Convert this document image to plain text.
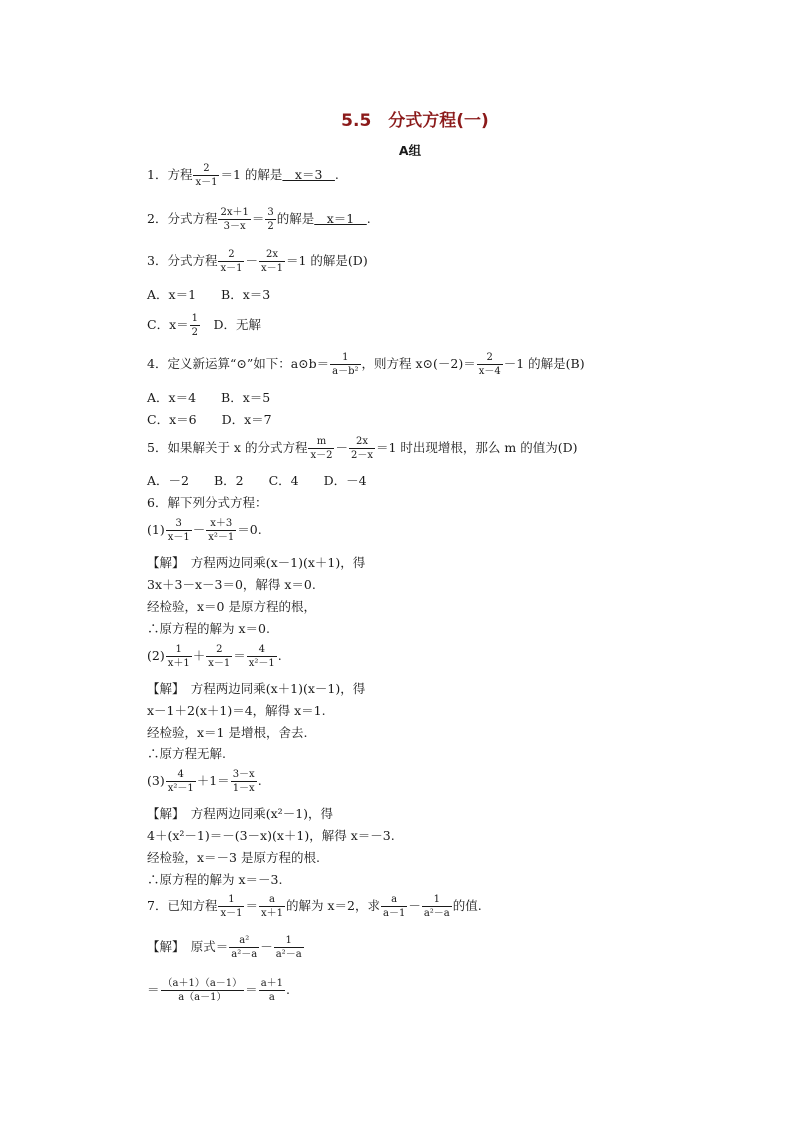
5.5　分式方程(一)
A组
1．方程 $\frac{2}{x-1} =1$ 的解是　x＝3　.
2．分式方程 $\frac{2x+1}{3-x} = \frac{3}{2}$ 的解是　x＝1　.
3．分式方程 $\frac{2}{x-1} - \frac{2x}{x-1} =1$ 的解是(D)
A．x＝1　　B．x＝3
C．$x= \frac{1}{2}$ 　D．无解
4．定义新运算“⊙”如下：a⊙b＝ $\frac{1}{\text{a－b²}}$ ，则方程 x⊙(－2)＝ $\frac{2}{x-4} -1$ 的解是(B)
A．x＝4　　B．x＝5
C．x＝6　　D．x＝7
5．如果解关于 x 的分式方程 $\frac{m}{x-2} - \frac{2x}{2-x} =1$ 时出现增根，那么 m 的值为(D)
A．－2　　B．2　　C．4　　D．－4
6．解下列分式方程：
$(1) \frac{3}{x-1} - \frac{x+3}{\text{x²－1}} =0$.
【解】　方程两边同乘(x－1)(x＋1)，得
3x＋3－x－3＝0，解得 x＝0.
经检验，x＝0 是原方程的根，
∴原方程的解为 x＝0.
$(2) \frac{1}{x+1} + \frac{2}{x-1} = \frac{4}{\text{x²－1}}$ .
【解】　方程两边同乘(x＋1)(x－1)，得
x－1＋2(x＋1)＝4，解得 x＝1.
经检验，x＝1 是增根，舍去.
∴原方程无解.
$(3) \frac{4}{\text{x²－1}} +1= \frac{3-x}{1-x}$ .
【解】　方程两边同乘(x²－1)，得
4＋(x²－1)＝－(3－x)(x＋1)，解得 x＝－3.
经检验，x＝－3 是原方程的根.
∴原方程的解为 x＝－3.
7．已知方程 $\frac{1}{x-1} = \frac{a}{x+1}$ 的解为 x＝2，求 $\frac{a}{a-1} - \frac{1}{\text{a²－a}}$ 的值.
【解】　原式＝ $\frac{\text{a²}}{\text{a²－a}} - \frac{1}{\text{a²－a}}$
＝ $\frac{(a+1)(a-1)}{a(a-1)} = \frac{a+1}{a}$ .
